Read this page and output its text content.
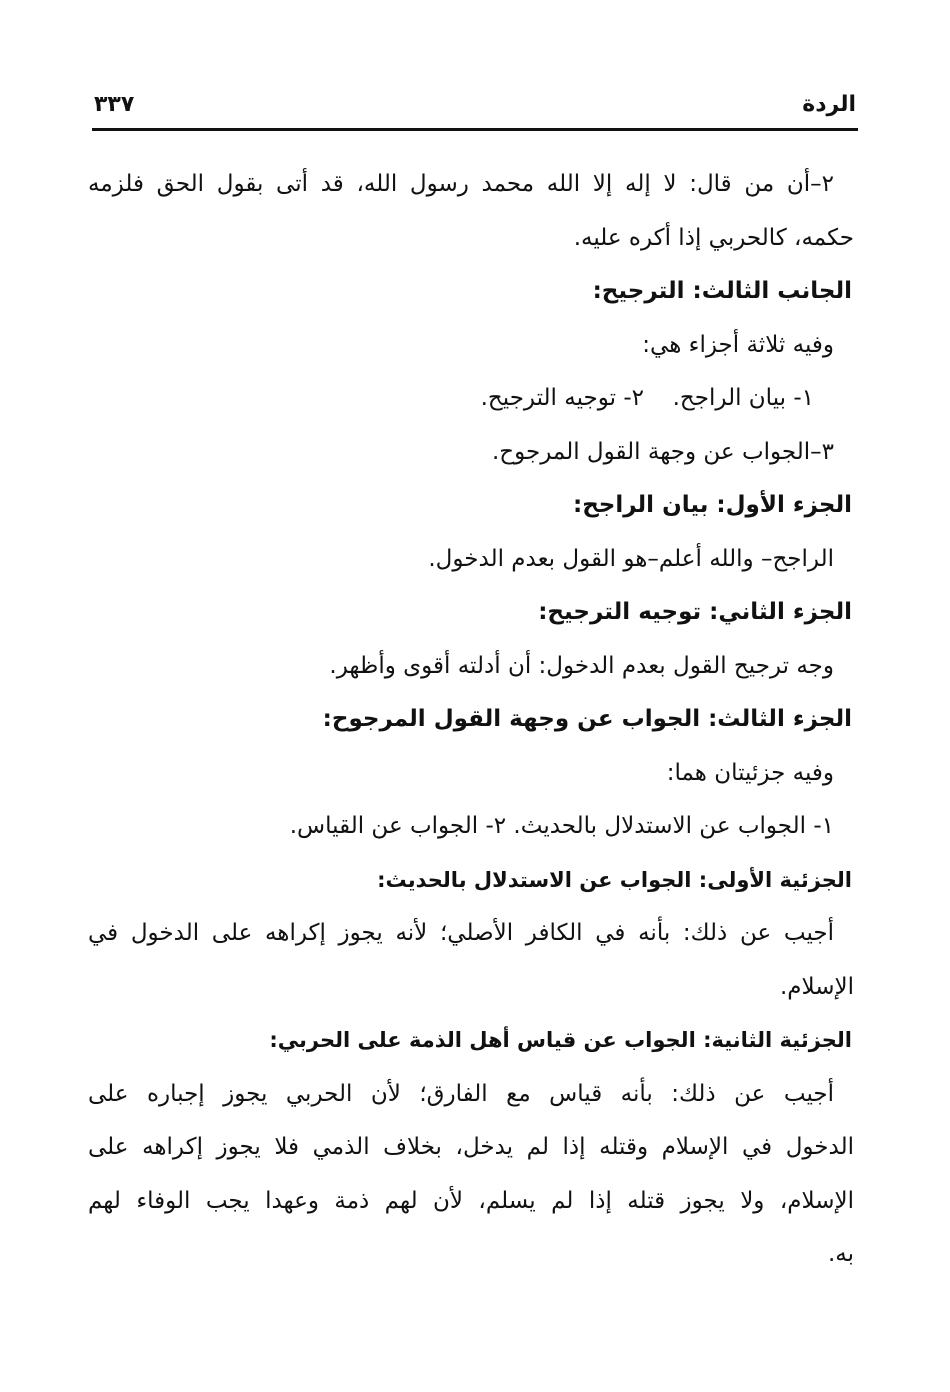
الردة
٣٣٧
٢–أن من قال: لا إله إلا الله محمد رسول الله، قد أتى بقول الحق فلزمه
حكمه، كالحربي إذا أكره عليه.
الجانب الثالث: الترجيح:
وفيه ثلاثة أجزاء هي:
١- بيان الراجح.
٢- توجيه الترجيح.
٣–الجواب عن وجهة القول المرجوح.
الجزء الأول: بيان الراجح:
الراجح– والله أعلم–هو القول بعدم الدخول.
الجزء الثاني: توجيه الترجيح:
وجه ترجيح القول بعدم الدخول: أن أدلته أقوى وأظهر.
الجزء الثالث: الجواب عن وجهة القول المرجوح:
وفيه جزئيتان هما:
١- الجواب عن الاستدلال بالحديث. ٢- الجواب عن القياس.
الجزئية الأولى: الجواب عن الاستدلال بالحديث:
أجيب عن ذلك: بأنه في الكافر الأصلي؛ لأنه يجوز إكراهه على الدخول في
الإسلام.
الجزئية الثانية: الجواب عن قياس أهل الذمة على الحربي:
أجيب عن ذلك: بأنه قياس مع الفارق؛ لأن الحربي يجوز إجباره على
الدخول في الإسلام وقتله إذا لم يدخل، بخلاف الذمي فلا يجوز إكراهه على
الإسلام، ولا يجوز قتله إذا لم يسلم، لأن لهم ذمة وعهدا يجب الوفاء لهم
به.
